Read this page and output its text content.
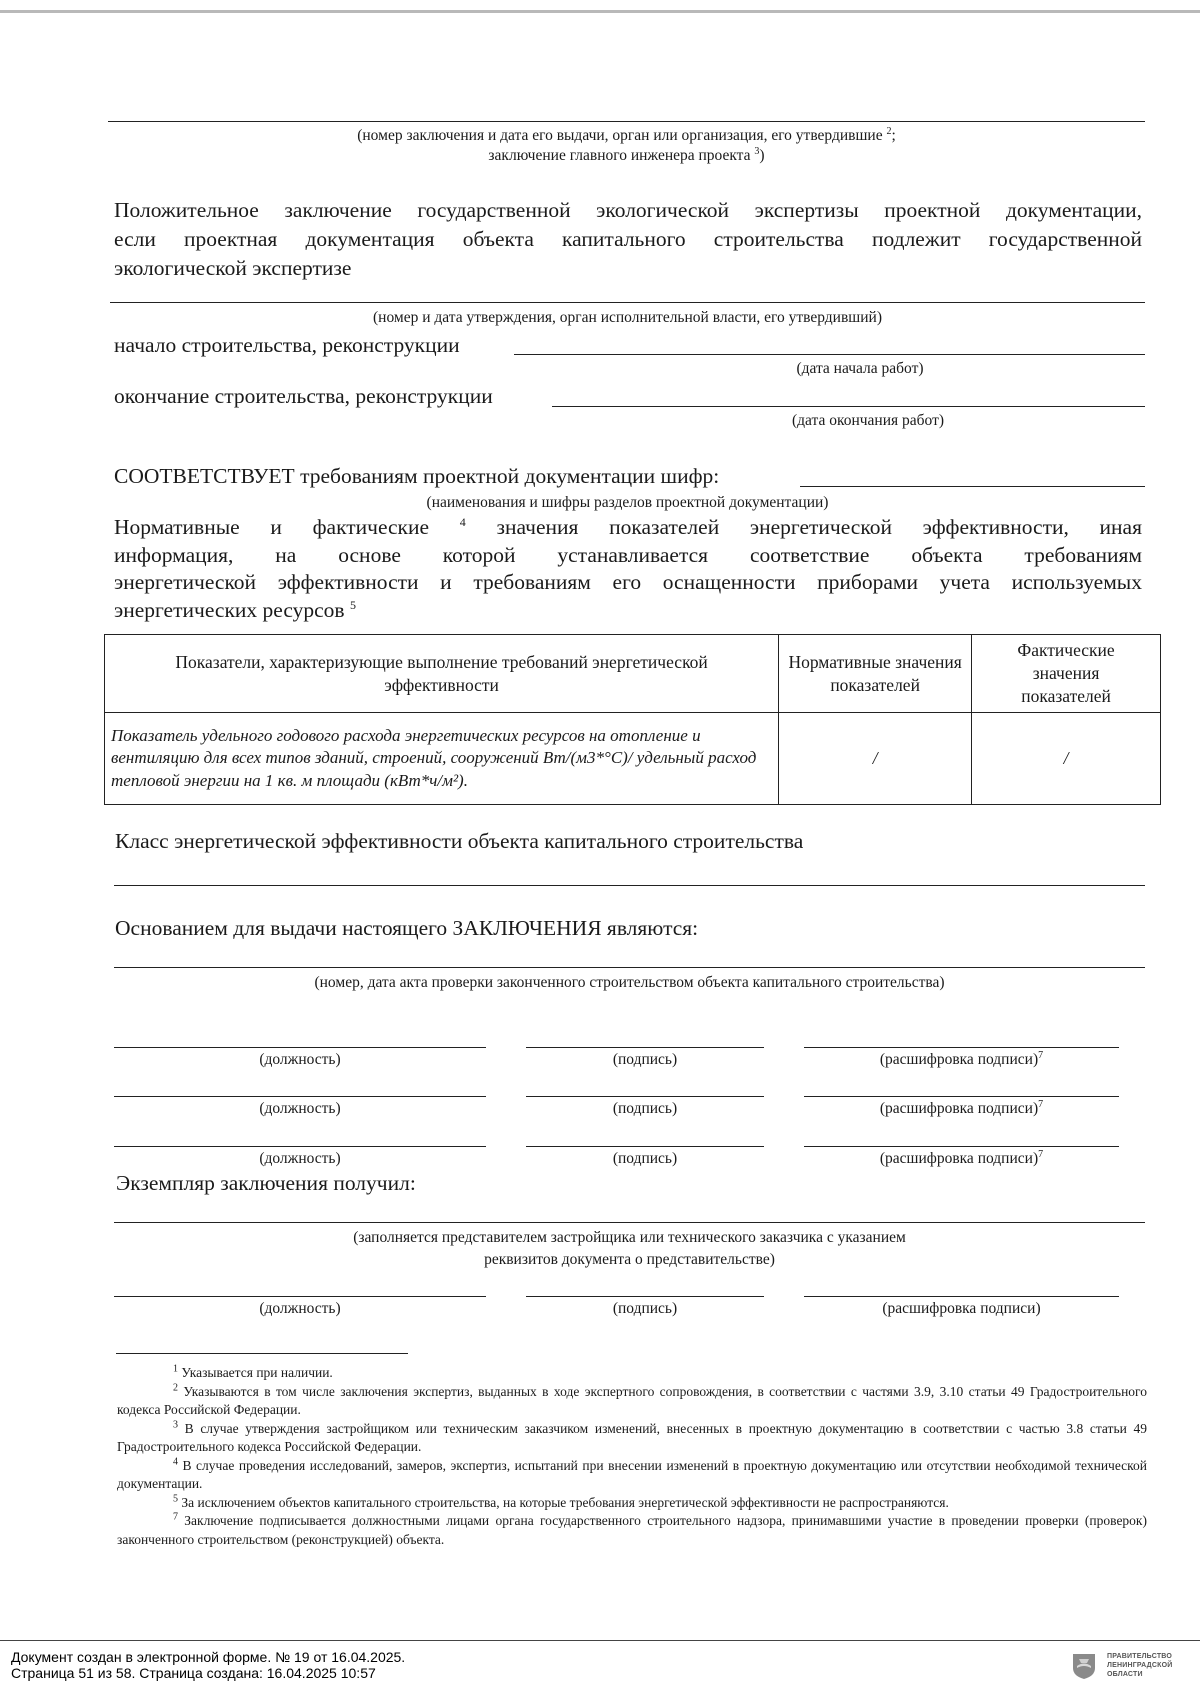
(номер заключения и дата его выдачи, орган или организация, его утвердившие $^2$;
заключение главного инженера проекта $^3$)
Положительное заключение государственной экологической экспертизы проектной документации,
если проектная документация объекта капитального строительства подлежит государственной
экологической экспертизе
(номер и дата утверждения, орган исполнительной власти, его утвердивший)
начало строительства, реконструкции
(дата начала работ)
окончание строительства, реконструкции
(дата окончания работ)
СООТВЕТСТВУЕТ требованиям проектной документации шифр:
(наименования и шифры разделов проектной документации)
Нормативные и фактические $^4$ значения показателей энергетической эффективности, иная
информация, на основе которой устанавливается соответствие объекта требованиям
энергетической эффективности и требованиям его оснащенности приборами учета используемых
энергетических ресурсов $^5$
Показатели, характеризующие выполнение требований энергетической эффективности	Нормативные значения показателей	Фактические значения показателей
Показатель удельного годового расхода энергетических ресурсов на отопление и вентиляцию для всех типов зданий, строений, сооружений Вт/(м3*°С)/ удельный расход тепловой энергии на 1 кв. м площади (кВт*ч/м²).	/	/
Класс энергетической эффективности объекта капитального строительства
Основанием для выдачи настоящего ЗАКЛЮЧЕНИЯ являются:
(номер, дата акта проверки законченного строительством объекта капитального строительства)
(должность)	(подпись)	(расшифровка подписи)$^7$
(должность)	(подпись)	(расшифровка подписи)$^7$
(должность)	(подпись)	(расшифровка подписи)$^7$
Экземпляр заключения получил:
(заполняется представителем застройщика или технического заказчика с указанием
реквизитов документа о представительстве)
(должность)	(подпись)	(расшифровка подписи)

$^1$ Указывается при наличии.

$^2$ Указываются в том числе заключения экспертиз, выданных в ходе экспертного сопровождения, в соответствии с частями 3.9, 3.10 статьи 49 Градостроительного кодекса Российской Федерации.

$^3$ В случае утверждения застройщиком или техническим заказчиком изменений, внесенных в проектную документацию в соответствии с частью 3.8 статьи 49 Градостроительного кодекса Российской Федерации.

$^4$ В случае проведения исследований, замеров, экспертиз, испытаний при внесении изменений в проектную документацию или отсутствии необходимой технической документации.

$^5$ За исключением объектов капитального строительства, на которые требования энергетической эффективности не распространяются.

$^7$ Заключение подписывается должностными лицами органа государственного строительного надзора, принимавшими участие в проведении проверки (проверок) законченного строительством (реконструкцией) объекта.

Документ создан в электронной форме. № 19 от 16.04.2025.
Страница 51 из 58. Страница создана: 16.04.2025 10:57
ПРАВИТЕЛЬСТВО
ЛЕНИНГРАДСКОЙ
ОБЛАСТИ
